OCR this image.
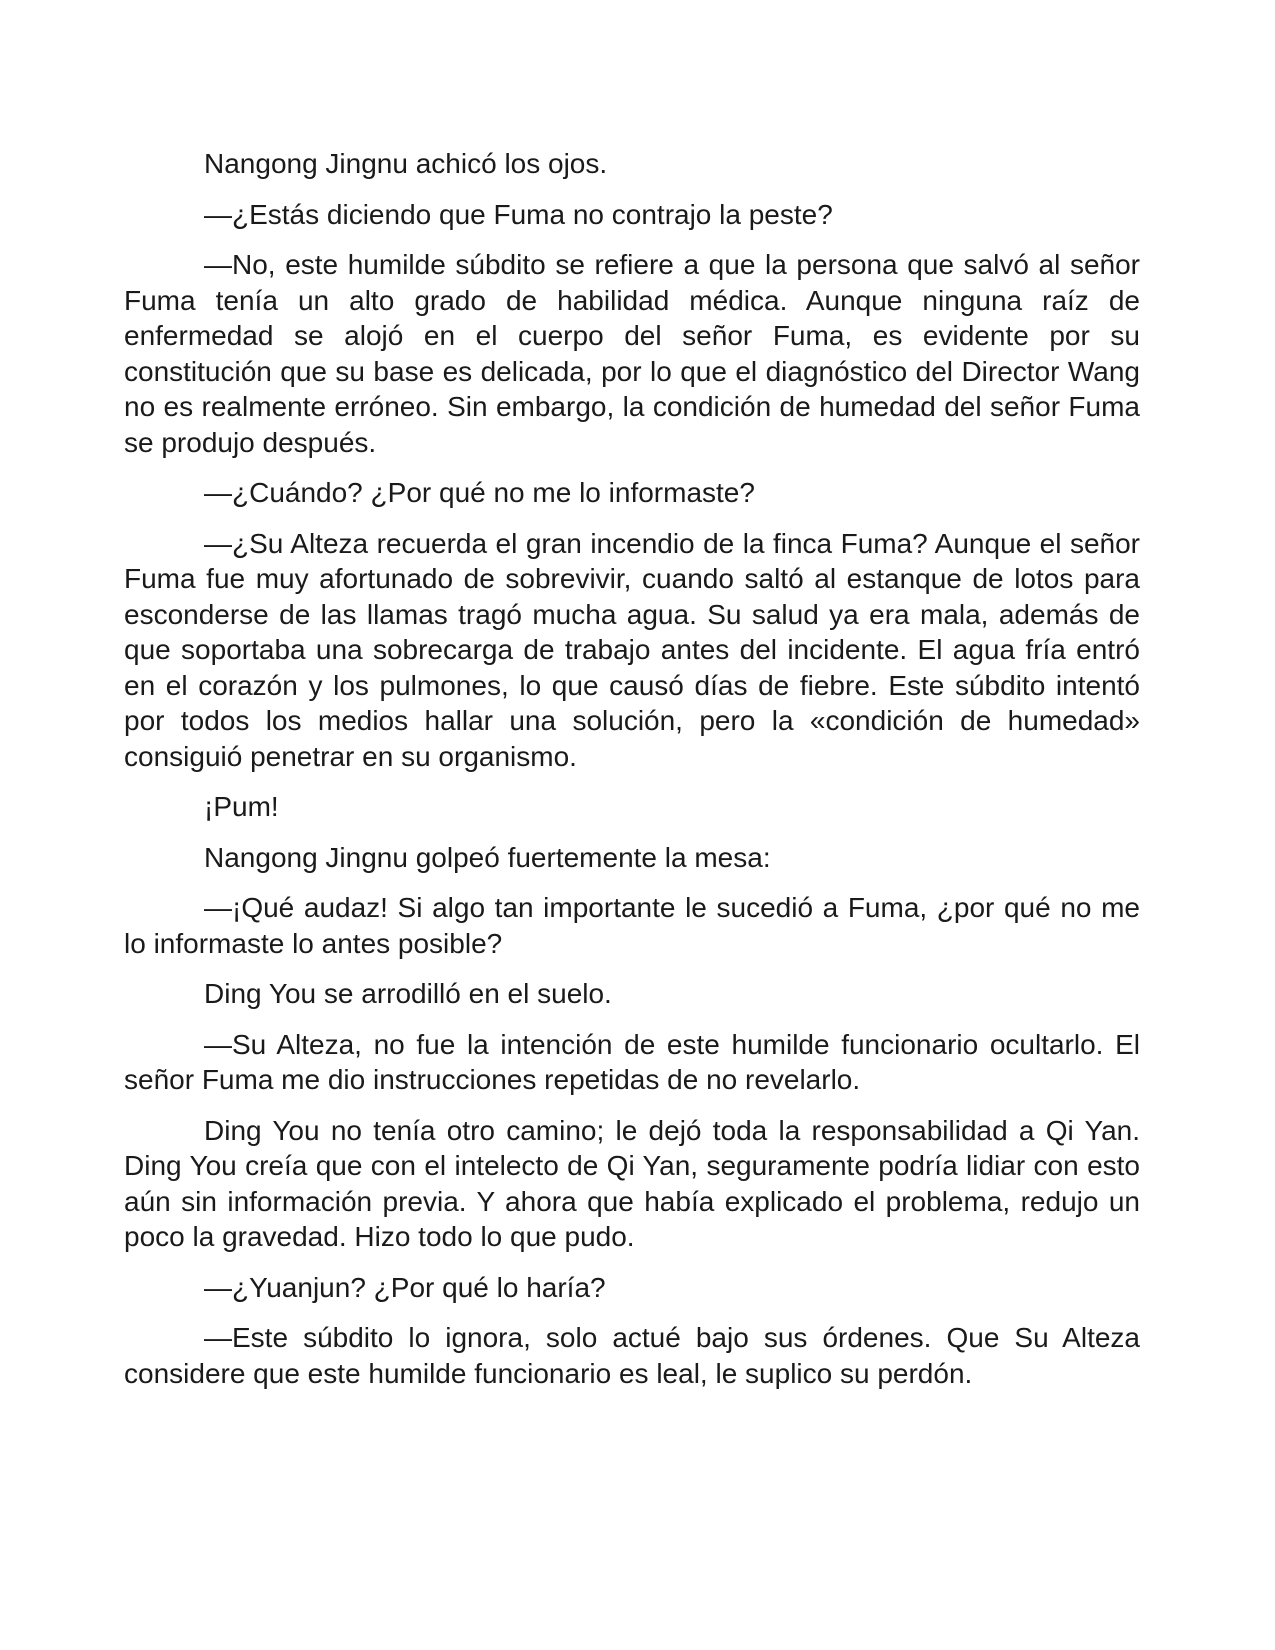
Nangong Jingnu achicó los ojos.

—¿Estás diciendo que Fuma no contrajo la peste?

—No, este humilde súbdito se refiere a que la persona que salvó al señor Fuma tenía un alto grado de habilidad médica. Aunque ninguna raíz de enfermedad se alojó en el cuerpo del señor Fuma, es evidente por su constitución que su base es delicada, por lo que el diagnóstico del Director Wang no es realmente erróneo. Sin embargo, la condición de humedad del señor Fuma se produjo después.

—¿Cuándo? ¿Por qué no me lo informaste?

—¿Su Alteza recuerda el gran incendio de la finca Fuma? Aunque el señor Fuma fue muy afortunado de sobrevivir, cuando saltó al estanque de lotos para esconderse de las llamas tragó mucha agua. Su salud ya era mala, además de que soportaba una sobrecarga de trabajo antes del incidente. El agua fría entró en el corazón y los pulmones, lo que causó días de fiebre. Este súbdito intentó por todos los medios hallar una solución, pero la «condición de humedad» consiguió penetrar en su organismo.

¡Pum!

Nangong Jingnu golpeó fuertemente la mesa:

—¡Qué audaz! Si algo tan importante le sucedió a Fuma, ¿por qué no me lo informaste lo antes posible?

Ding You se arrodilló en el suelo.

—Su Alteza, no fue la intención de este humilde funcionario ocultarlo. El señor Fuma me dio instrucciones repetidas de no revelarlo.

Ding You no tenía otro camino; le dejó toda la responsabilidad a Qi Yan. Ding You creía que con el intelecto de Qi Yan, seguramente podría lidiar con esto aún sin información previa. Y ahora que había explicado el problema, redujo un poco la gravedad. Hizo todo lo que pudo.

—¿Yuanjun? ¿Por qué lo haría?

—Este súbdito lo ignora, solo actué bajo sus órdenes. Que Su Alteza considere que este humilde funcionario es leal, le suplico su perdón.
